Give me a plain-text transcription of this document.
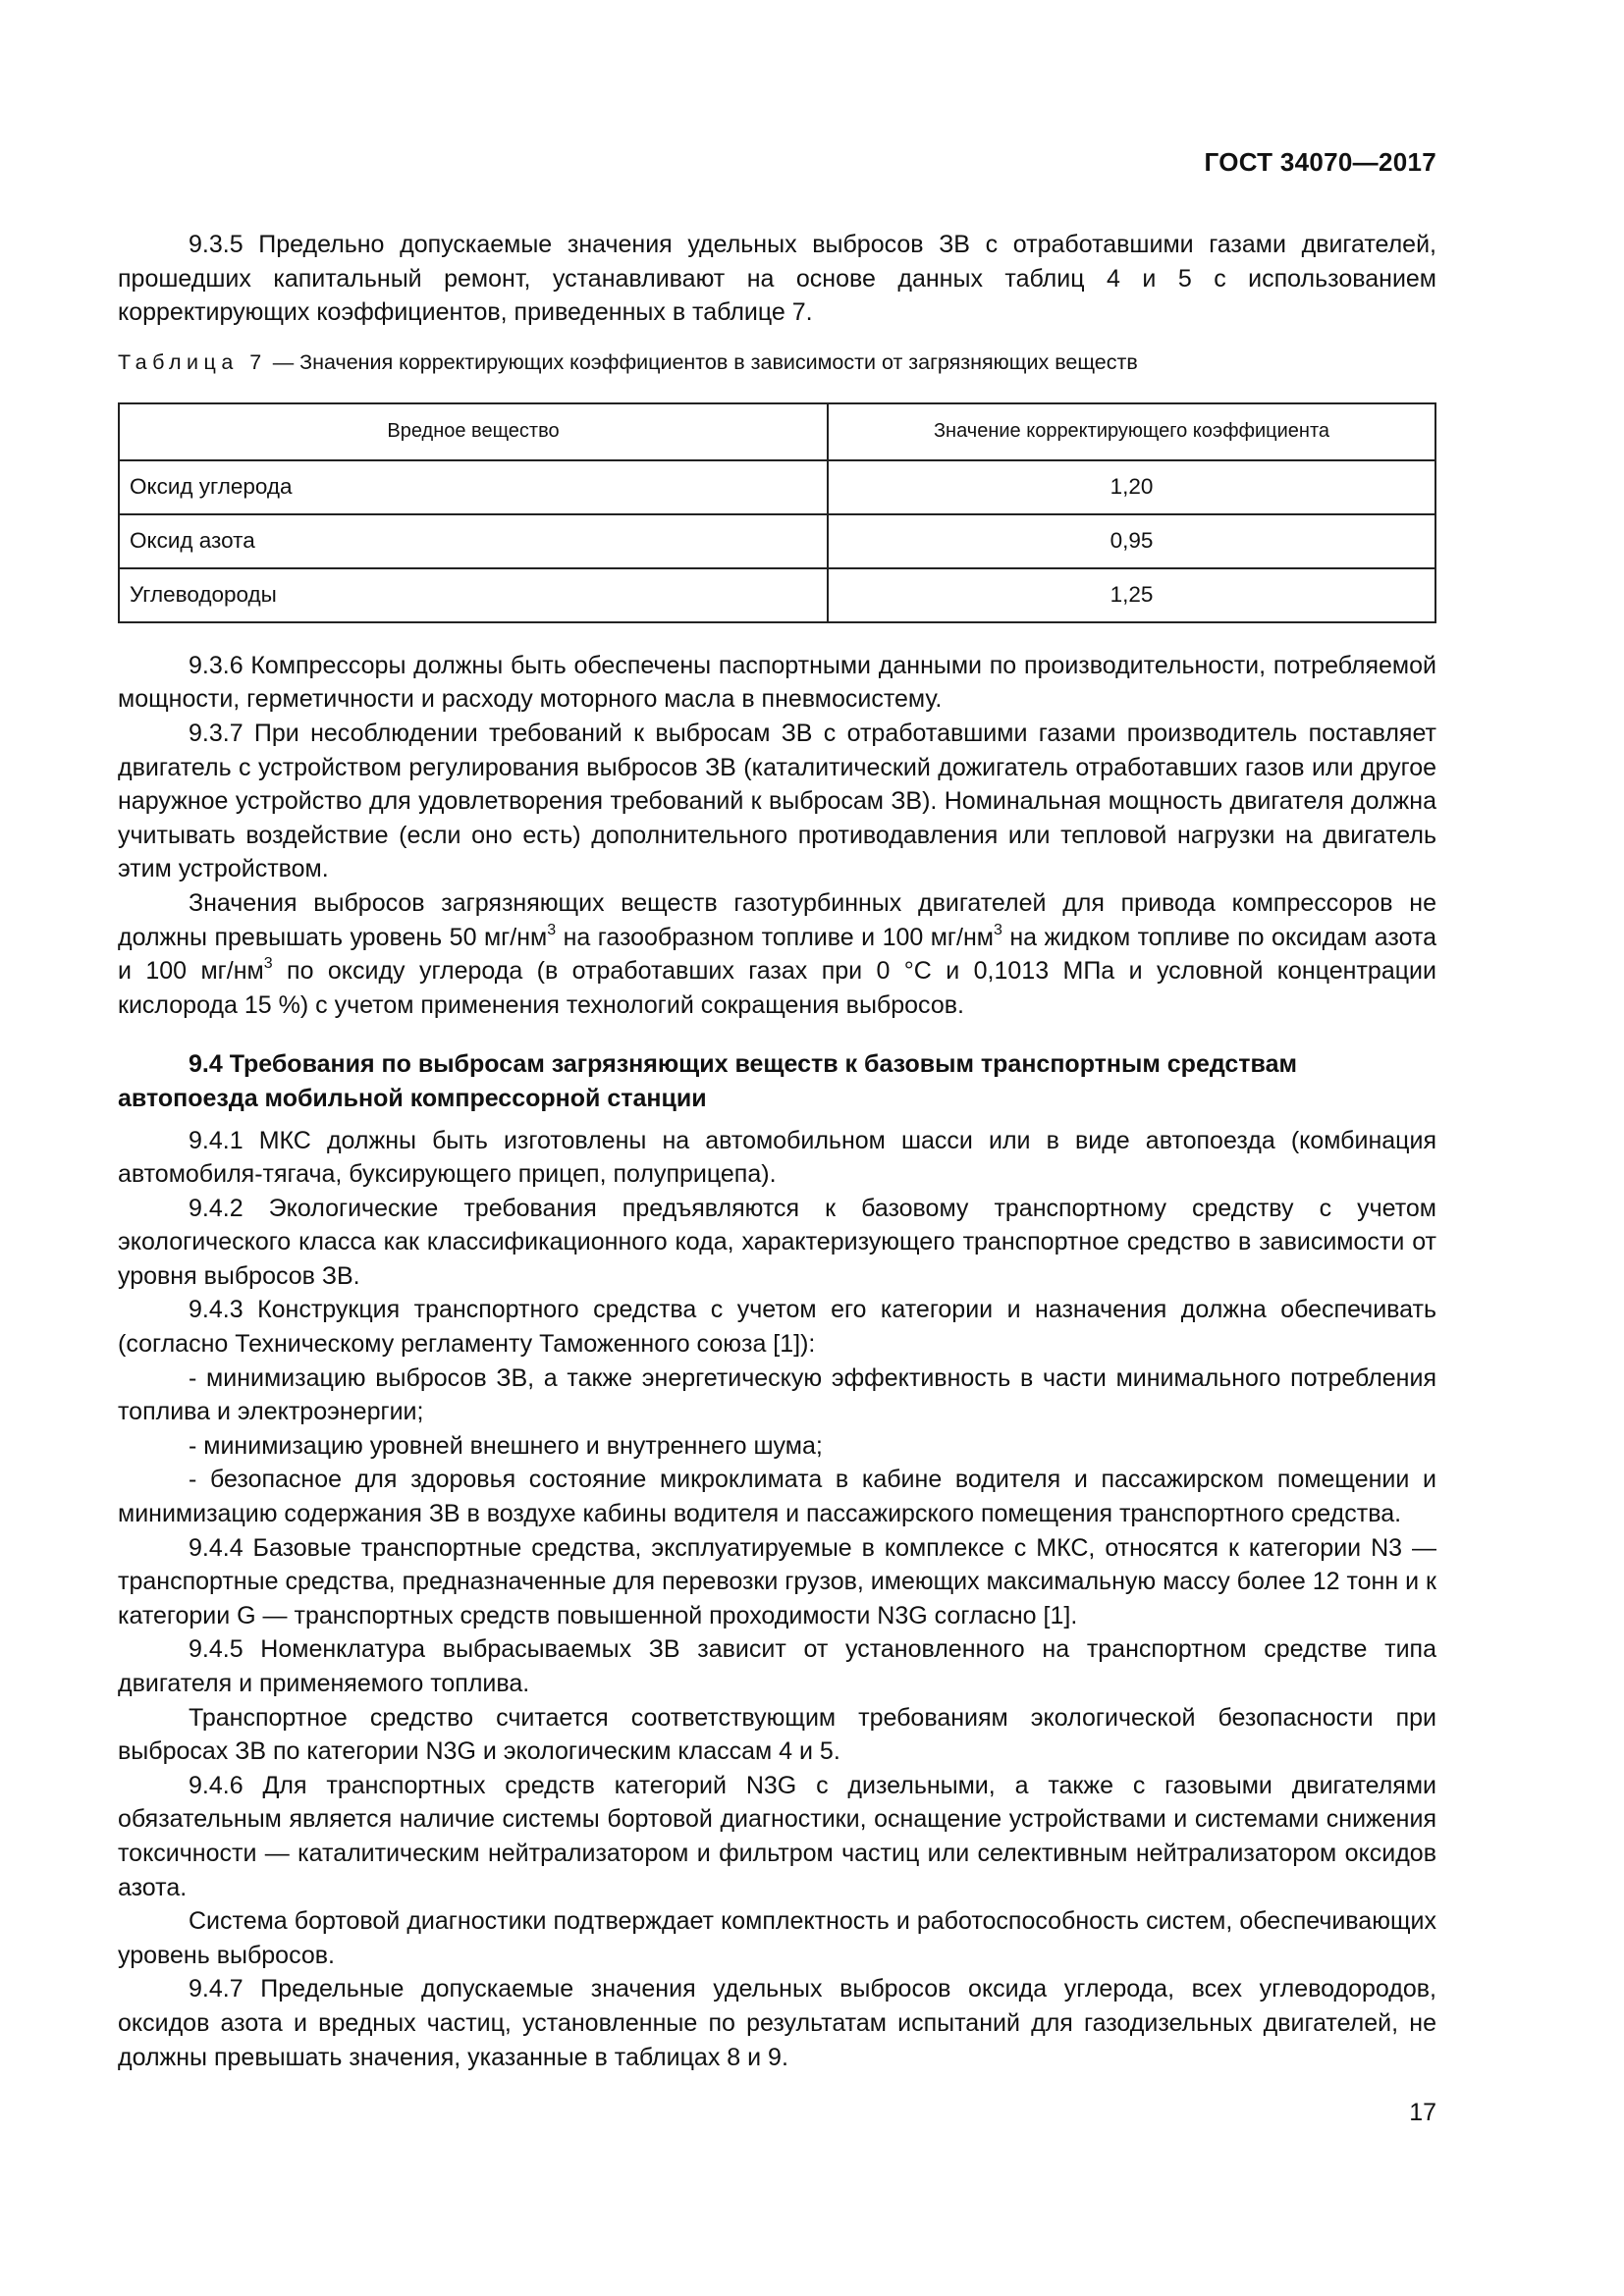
ГОСТ 34070—2017

9.3.5 Предельно допускаемые значения удельных выбросов ЗВ с отработавшими газами двигателей, прошедших капитальный ремонт, устанавливают на основе данных таблиц 4 и 5 с использованием корректирующих коэффициентов, приведенных в таблице 7.

Таблица 7 — Значения корректирующих коэффициентов в зависимости от загрязняющих веществ
Вредное вещество	Значение корректирующего коэффициента
Оксид углерода	1,20
Оксид азота	0,95
Углеводороды	1,25

9.3.6 Компрессоры должны быть обеспечены паспортными данными по производительности, потребляемой мощности, герметичности и расходу моторного масла в пневмосистему.

9.3.7 При несоблюдении требований к выбросам ЗВ с отработавшими газами производитель поставляет двигатель с устройством регулирования выбросов ЗВ (каталитический дожигатель отработавших газов или другое наружное устройство для удовлетворения требований к выбросам ЗВ). Номинальная мощность двигателя должна учитывать воздействие (если оно есть) дополнительного противодавления или тепловой нагрузки на двигатель этим устройством.

Значения выбросов загрязняющих веществ газотурбинных двигателей для привода компрессоров не должны превышать уровень 50 $мг/нм^3$ на газообразном топливе и 100 $мг/нм^3$ на жидком топливе по оксидам азота и 100 $мг/нм^3$ по оксиду углерода (в отработавших газах при 0 °С и 0,1013 МПа и условной концентрации кислорода 15 %) с учетом применения технологий сокращения выбросов.

9.4 Требования по выбросам загрязняющих веществ к базовым транспортным средствам автопоезда мобильной компрессорной станции

9.4.1 МКС должны быть изготовлены на автомобильном шасси или в виде автопоезда (комбинация автомобиля-тягача, буксирующего прицеп, полуприцепа).

9.4.2 Экологические требования предъявляются к базовому транспортному средству с учетом экологического класса как классификационного кода, характеризующего транспортное средство в зависимости от уровня выбросов ЗВ.

9.4.3 Конструкция транспортного средства с учетом его категории и назначения должна обеспечивать (согласно Техническому регламенту Таможенного союза [1]):

- минимизацию выбросов ЗВ, а также энергетическую эффективность в части минимального потребления топлива и электроэнергии;

- минимизацию уровней внешнего и внутреннего шума;

- безопасное для здоровья состояние микроклимата в кабине водителя и пассажирском помещении и минимизацию содержания ЗВ в воздухе кабины водителя и пассажирского помещения транспортного средства.

9.4.4 Базовые транспортные средства, эксплуатируемые в комплексе с МКС, относятся к категории N3 — транспортные средства, предназначенные для перевозки грузов, имеющих максимальную массу более 12 тонн и к категории G — транспортных средств повышенной проходимости N3G согласно [1].

9.4.5 Номенклатура выбрасываемых ЗВ зависит от установленного на транспортном средстве типа двигателя и применяемого топлива.

Транспортное средство считается соответствующим требованиям экологической безопасности при выбросах ЗВ по категории N3G и экологическим классам 4 и 5.

9.4.6 Для транспортных средств категорий N3G с дизельными, а также с газовыми двигателями обязательным является наличие системы бортовой диагностики, оснащение устройствами и системами снижения токсичности — каталитическим нейтрализатором и фильтром частиц или селективным нейтрализатором оксидов азота.

Система бортовой диагностики подтверждает комплектность и работоспособность систем, обеспечивающих уровень выбросов.

9.4.7 Предельные допускаемые значения удельных выбросов оксида углерода, всех углеводородов, оксидов азота и вредных частиц, установленные по результатам испытаний для газодизельных двигателей, не должны превышать значения, указанные в таблицах 8 и 9.

17
